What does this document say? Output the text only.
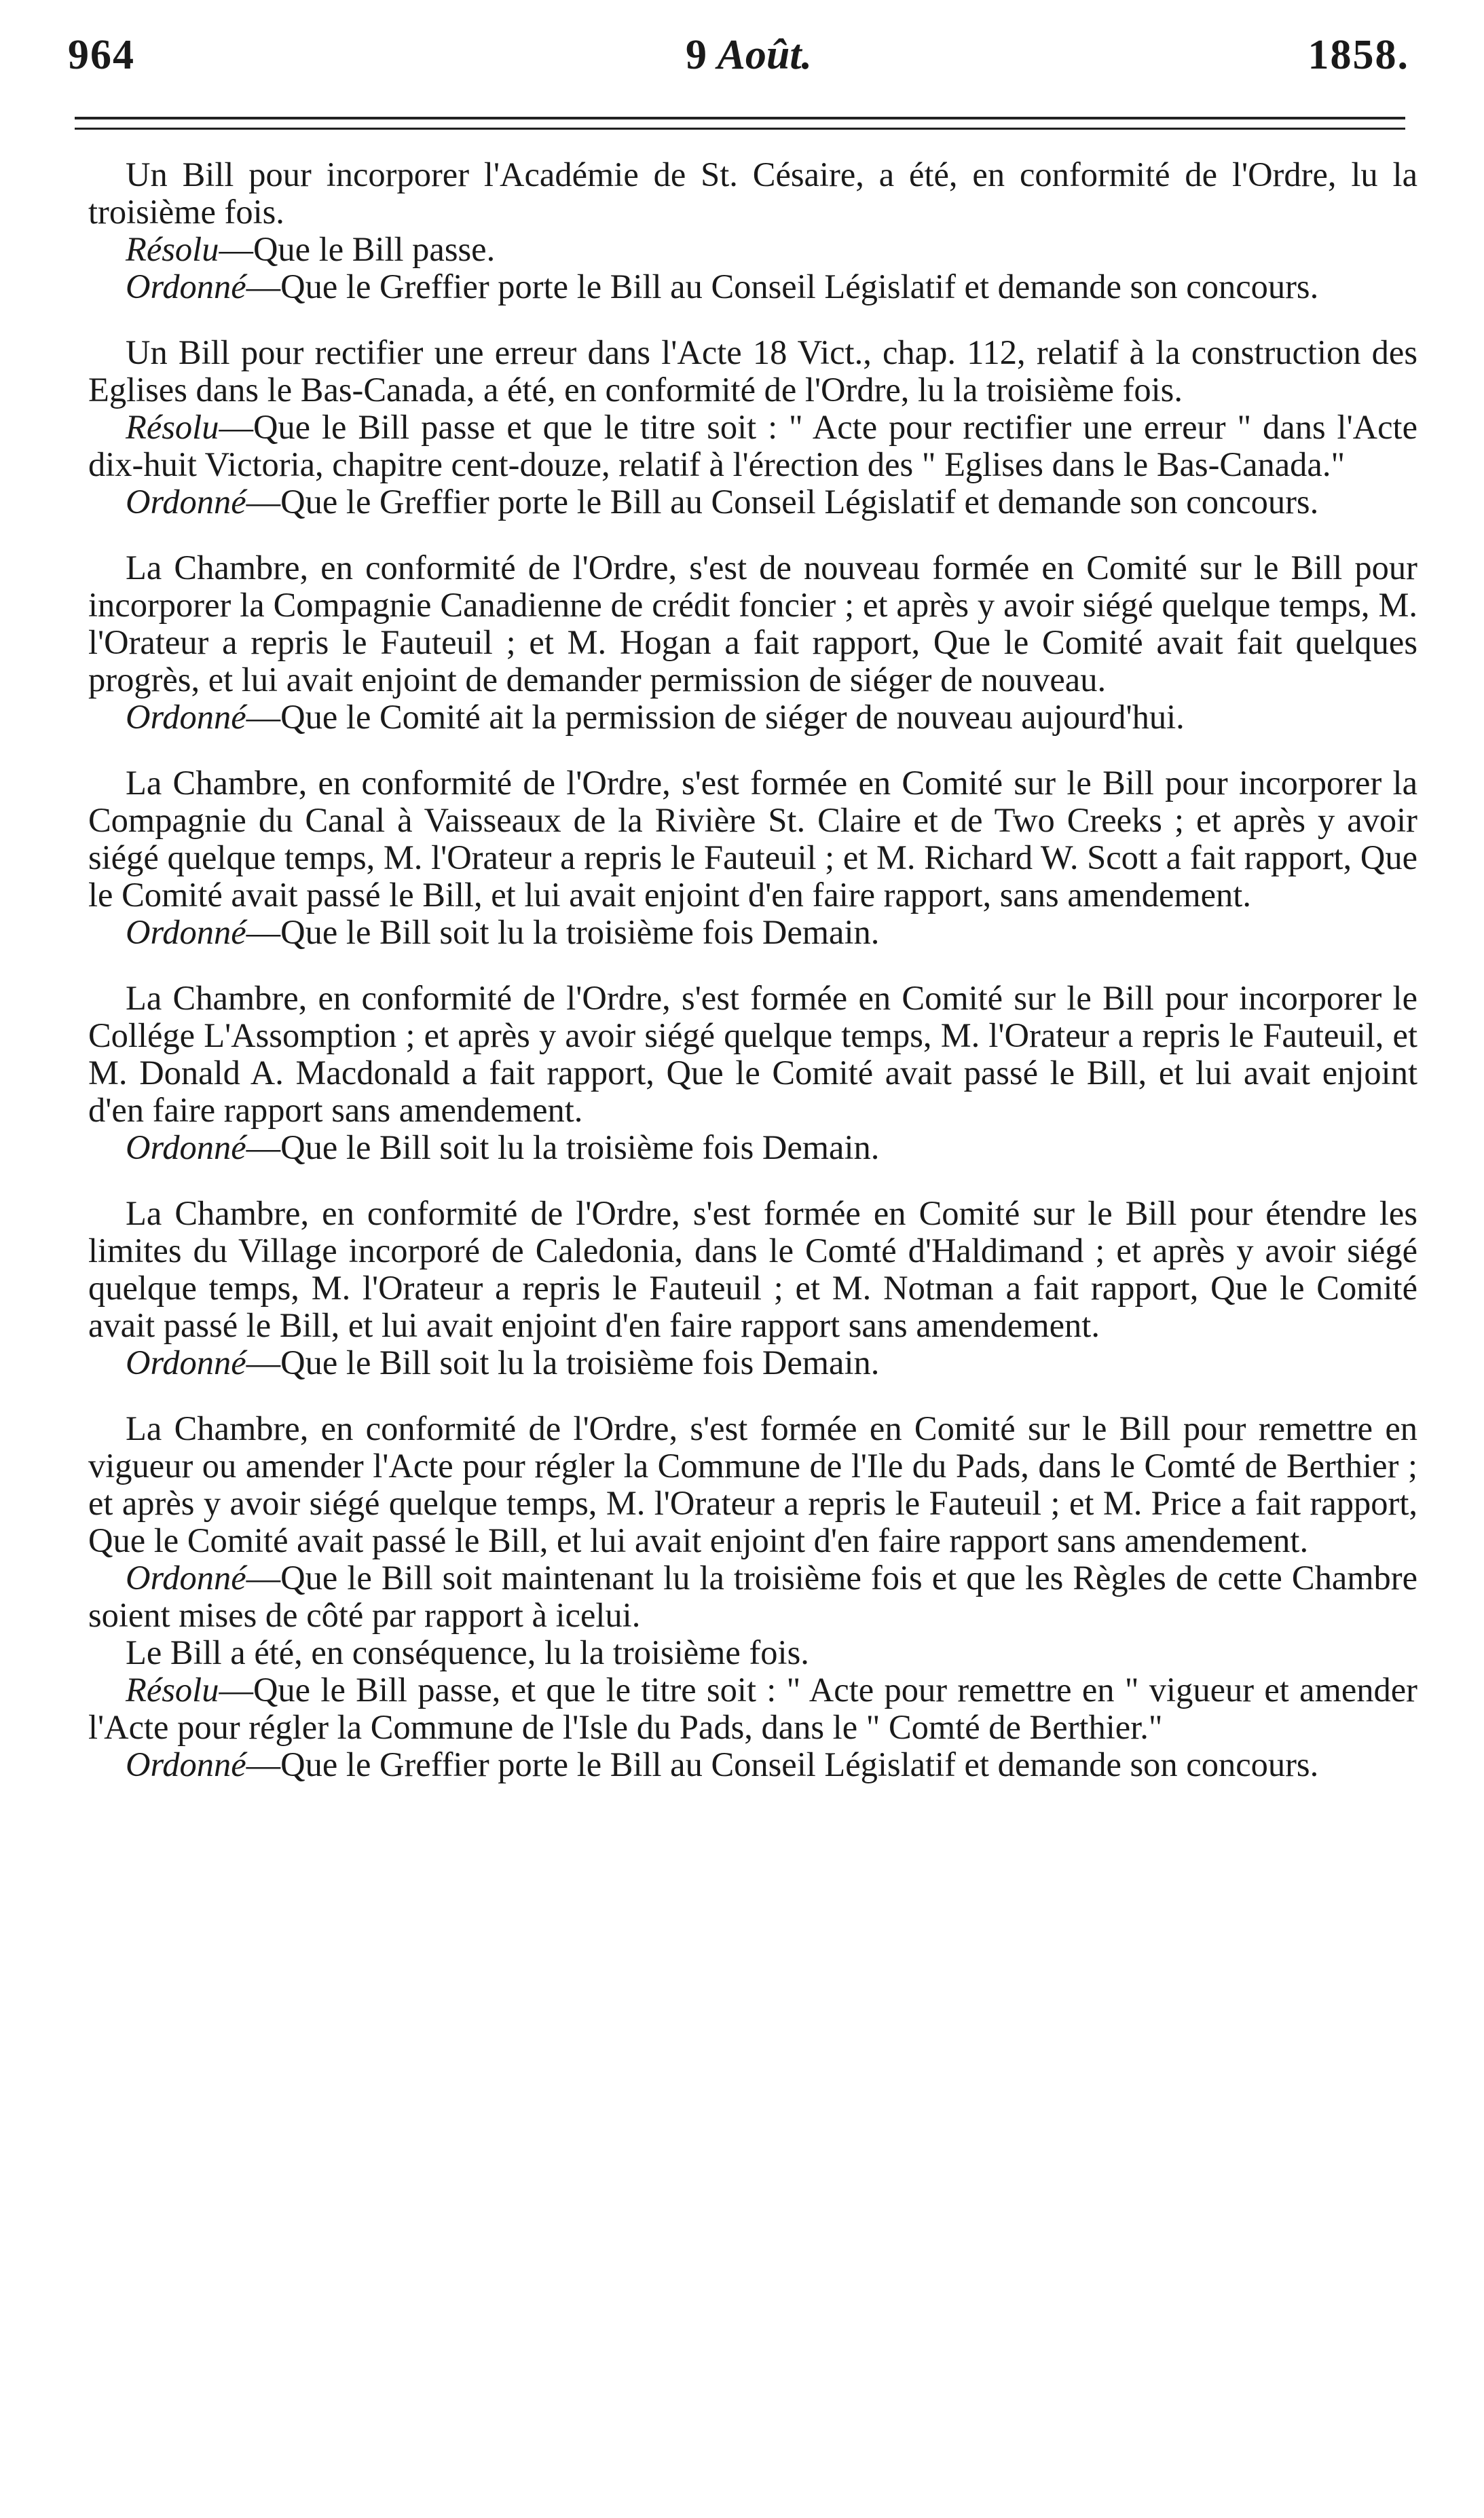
964	9 Août.	1858.

Un Bill pour incorporer l'Académie de St. Césaire, a été, en conformité de l'Ordre, lu la troisième fois.

Résolu—Que le Bill passe.

Ordonné—Que le Greffier porte le Bill au Conseil Législatif et demande son concours.

Un Bill pour rectifier une erreur dans l'Acte 18 Vict., chap. 112, relatif à la construction des Eglises dans le Bas-Canada, a été, en conformité de l'Ordre, lu la troisième fois.

Résolu—Que le Bill passe et que le titre soit : " Acte pour rectifier une erreur " dans l'Acte dix-huit Victoria, chapitre cent-douze, relatif à l'érection des " Eglises dans le Bas-Canada."

Ordonné—Que le Greffier porte le Bill au Conseil Législatif et demande son concours.

La Chambre, en conformité de l'Ordre, s'est de nouveau formée en Comité sur le Bill pour incorporer la Compagnie Canadienne de crédit foncier ; et après y avoir siégé quelque temps, M. l'Orateur a repris le Fauteuil ; et M. Hogan a fait rapport, Que le Comité avait fait quelques progrès, et lui avait enjoint de demander permission de siéger de nouveau.

Ordonné—Que le Comité ait la permission de siéger de nouveau aujourd'hui.

La Chambre, en conformité de l'Ordre, s'est formée en Comité sur le Bill pour incorporer la Compagnie du Canal à Vaisseaux de la Rivière St. Claire et de Two Creeks ; et après y avoir siégé quelque temps, M. l'Orateur a repris le Fauteuil ; et M. Richard W. Scott a fait rapport, Que le Comité avait passé le Bill, et lui avait enjoint d'en faire rapport, sans amendement.

Ordonné—Que le Bill soit lu la troisième fois Demain.

La Chambre, en conformité de l'Ordre, s'est formée en Comité sur le Bill pour incorporer le Collége L'Assomption ; et après y avoir siégé quelque temps, M. l'Orateur a repris le Fauteuil, et M. Donald A. Macdonald a fait rapport, Que le Comité avait passé le Bill, et lui avait enjoint d'en faire rapport sans amendement.

Ordonné—Que le Bill soit lu la troisième fois Demain.

La Chambre, en conformité de l'Ordre, s'est formée en Comité sur le Bill pour étendre les limites du Village incorporé de Caledonia, dans le Comté d'Haldimand ; et après y avoir siégé quelque temps, M. l'Orateur a repris le Fauteuil ; et M. Notman a fait rapport, Que le Comité avait passé le Bill, et lui avait enjoint d'en faire rapport sans amendement.

Ordonné—Que le Bill soit lu la troisième fois Demain.

La Chambre, en conformité de l'Ordre, s'est formée en Comité sur le Bill pour remettre en vigueur ou amender l'Acte pour régler la Commune de l'Ile du Pads, dans le Comté de Berthier ; et après y avoir siégé quelque temps, M. l'Orateur a repris le Fauteuil ; et M. Price a fait rapport, Que le Comité avait passé le Bill, et lui avait enjoint d'en faire rapport sans amendement.

Ordonné—Que le Bill soit maintenant lu la troisième fois et que les Règles de cette Chambre soient mises de côté par rapport à icelui.

Le Bill a été, en conséquence, lu la troisième fois.

Résolu—Que le Bill passe, et que le titre soit : " Acte pour remettre en " vigueur et amender l'Acte pour régler la Commune de l'Isle du Pads, dans le " Comté de Berthier."

Ordonné—Que le Greffier porte le Bill au Conseil Législatif et demande son concours.
